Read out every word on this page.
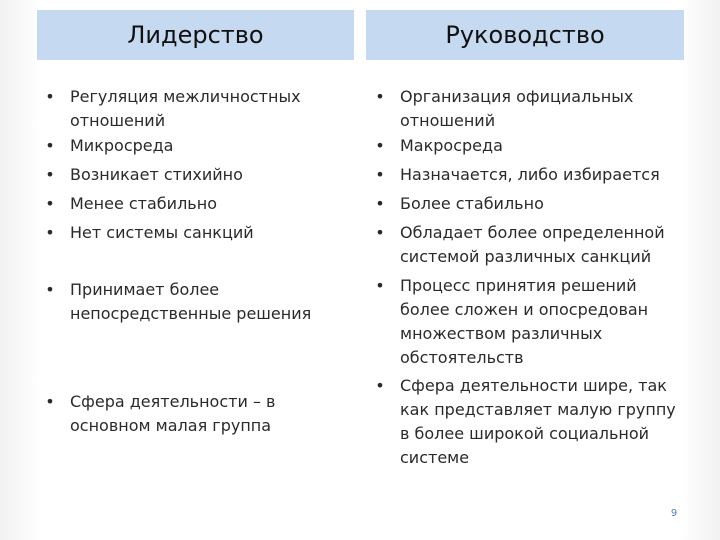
Лидерство	Руководство
• Регуляция межличностных отношений
• Микросреда
• Возникает стихийно
• Менее стабильно
• Нет системы санкций
• Принимает более непосредственные решения
• Сфера деятельности – в основном малая группа
• Организация официальных отношений
• Макросреда
• Назначается, либо избирается
• Более стабильно
• Обладает более определенной системой различных санкций
• Процесс принятия решений более сложен и опосредован множеством различных обстоятельств
• Сфера деятельности шире, так как представляет малую группу в более широкой социальной системе
9
